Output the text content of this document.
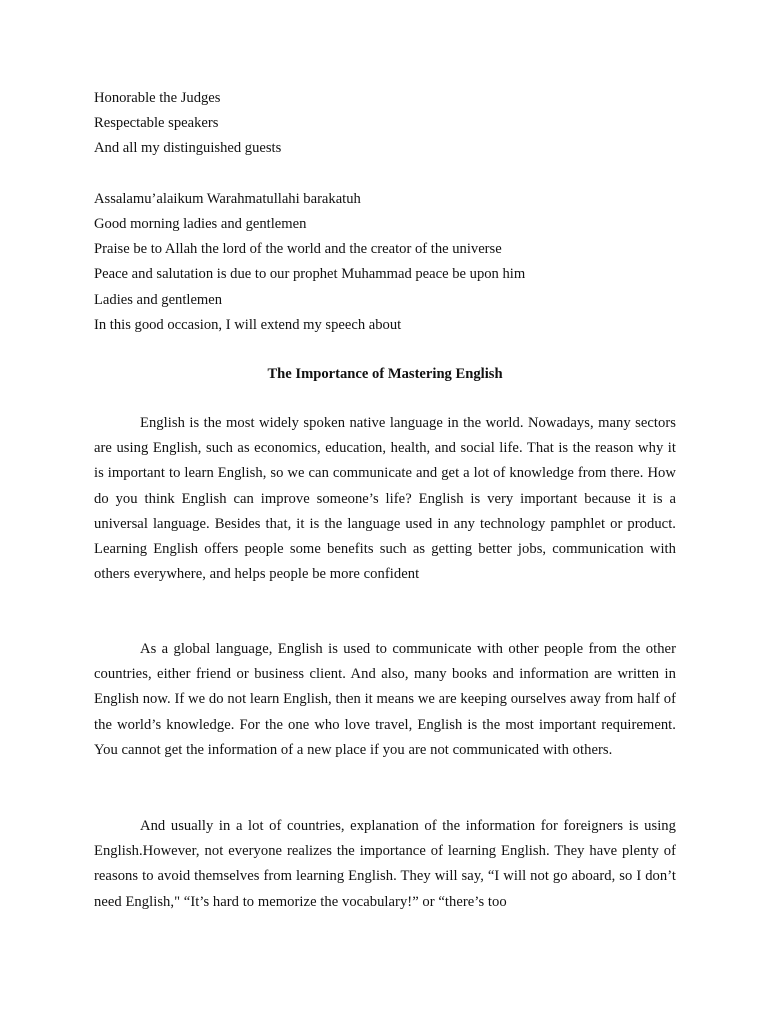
Honorable the Judges
Respectable speakers
And all my distinguished guests
Assalamu’alaikum Warahmatullahi barakatuh
Good morning ladies and gentlemen
Praise be to Allah the lord of the world and the creator of the universe
Peace and salutation is due to our prophet Muhammad peace be upon him
Ladies and gentlemen
In this good occasion, I will extend my speech about
The Importance of Mastering English

English is the most widely spoken native language in the world. Nowadays, many sectors are using English, such as economics, education, health, and social life. That is the reason why it is important to learn English, so we can communicate and get a lot of knowledge from there. How do you think English can improve someone’s life? English is very important because it is a universal language. Besides that, it is the language used in any technology pamphlet or product. Learning English offers people some benefits such as getting better jobs, communication with others everywhere, and helps people be more confident

As a global language, English is used to communicate with other people from the other countries, either friend or business client. And also, many books and information are written in English now. If we do not learn English, then it means we are keeping ourselves away from half of the world’s knowledge. For the one who love travel, English is the most important requirement. You cannot get the information of a new place if you are not communicated with others.

And usually in a lot of countries, explanation of the information for foreigners is using English.However, not everyone realizes the importance of learning English. They have plenty of reasons to avoid themselves from learning English. They will say, “I will not go aboard, so I don’t need English," “It’s hard to memorize the vocabulary!” or “there’s too
